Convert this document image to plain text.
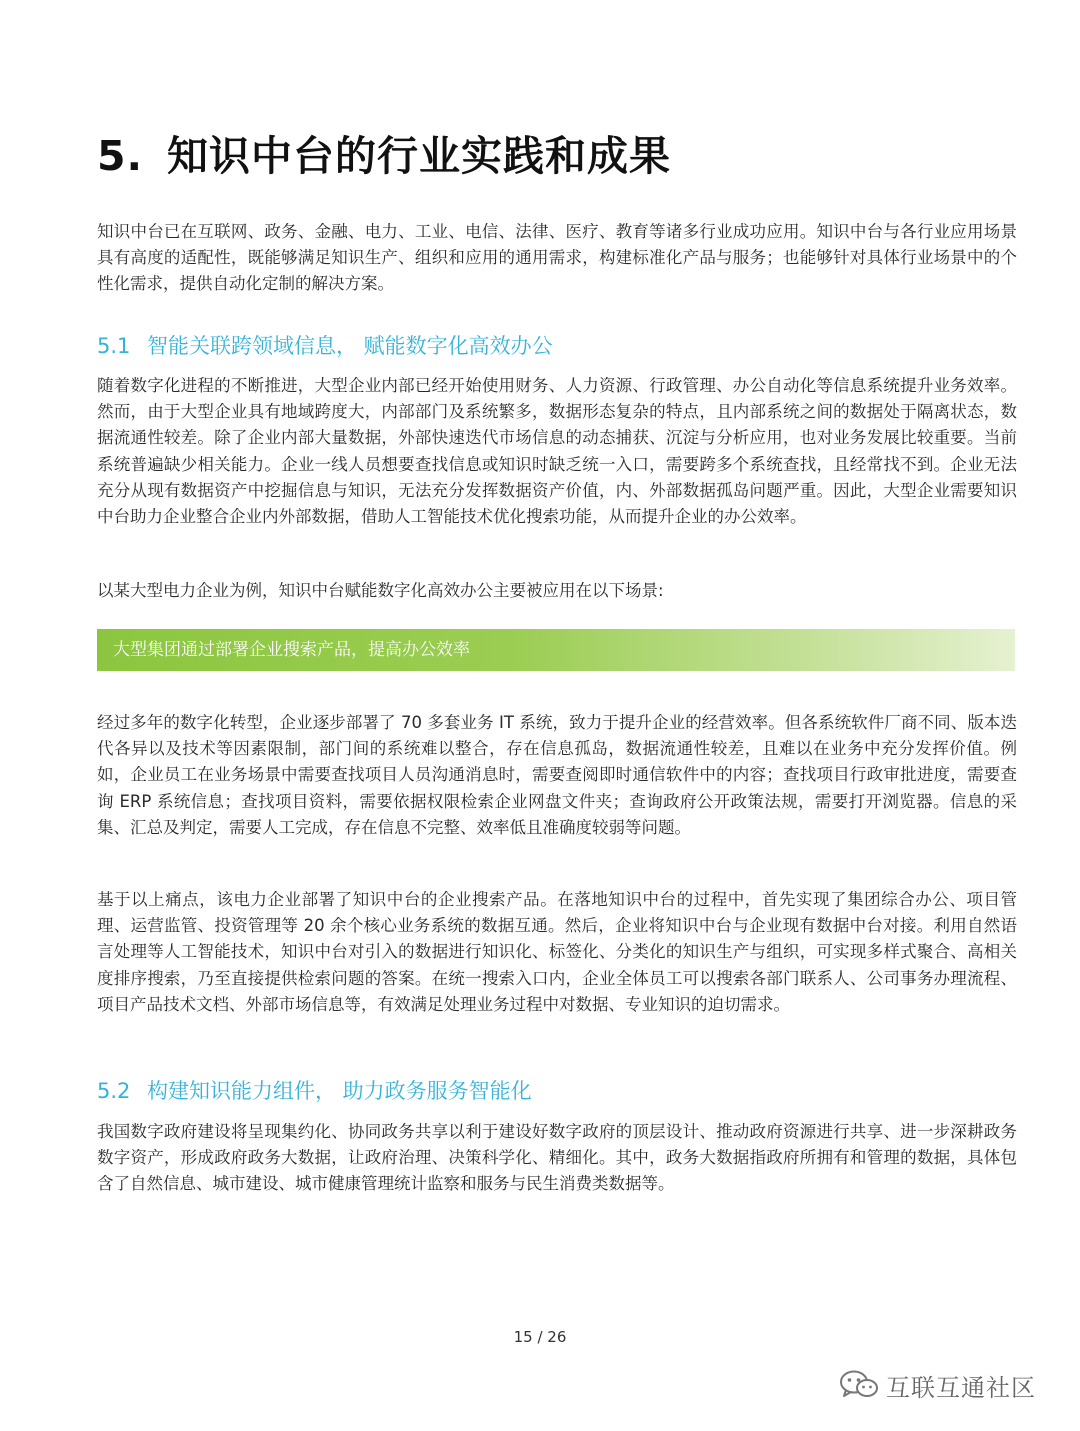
5. 知识中台的行业实践和成果

知识中台已在互联网、政务、金融、电力、工业、电信、法律、医疗、教育等诸多行业成功应用。知识中台与各行业应用场景具有高度的适配性，既能够满足知识生产、组织和应用的通用需求，构建标准化产品与服务；也能够针对具体行业场景中的个性化需求，提供自动化定制的解决方案。

5.1 智能关联跨领域信息， 赋能数字化高效办公

随着数字化进程的不断推进，大型企业内部已经开始使用财务、人力资源、行政管理、办公自动化等信息系统提升业务效率。然而，由于大型企业具有地域跨度大，内部部门及系统繁多，数据形态复杂的特点，且内部系统之间的数据处于隔离状态，数据流通性较差。除了企业内部大量数据，外部快速迭代市场信息的动态捕获、沉淀与分析应用，也对业务发展比较重要。当前系统普遍缺少相关能力。企业一线人员想要查找信息或知识时缺乏统一入口，需要跨多个系统查找，且经常找不到。企业无法充分从现有数据资产中挖掘信息与知识，无法充分发挥数据资产价值，内、外部数据孤岛问题严重。因此，大型企业需要知识中台助力企业整合企业内外部数据，借助人工智能技术优化搜索功能，从而提升企业的办公效率。

以某大型电力企业为例，知识中台赋能数字化高效办公主要被应用在以下场景:

大型集团通过部署企业搜索产品，提高办公效率

经过多年的数字化转型，企业逐步部署了 70 多套业务 IT 系统，致力于提升企业的经营效率。但各系统软件厂商不同、版本迭代各异以及技术等因素限制，部门间的系统难以整合，存在信息孤岛，数据流通性较差，且难以在业务中充分发挥价值。例如，企业员工在业务场景中需要查找项目人员沟通消息时，需要查阅即时通信软件中的内容；查找项目行政审批进度，需要查询 ERP 系统信息；查找项目资料，需要依据权限检索企业网盘文件夹；查询政府公开政策法规，需要打开浏览器。信息的采集、汇总及判定，需要人工完成，存在信息不完整、效率低且准确度较弱等问题。

基于以上痛点，该电力企业部署了知识中台的企业搜索产品。在落地知识中台的过程中，首先实现了集团综合办公、项目管理、运营监管、投资管理等 20 余个核心业务系统的数据互通。然后，企业将知识中台与企业现有数据中台对接。利用自然语言处理等人工智能技术，知识中台对引入的数据进行知识化、标签化、分类化的知识生产与组织，可实现多样式聚合、高相关度排序搜索，乃至直接提供检索问题的答案。在统一搜索入口内，企业全体员工可以搜索各部门联系人、公司事务办理流程、项目产品技术文档、外部市场信息等，有效满足处理业务过程中对数据、专业知识的迫切需求。

5.2 构建知识能力组件， 助力政务服务智能化

我国数字政府建设将呈现集约化、协同政务共享以利于建设好数字政府的顶层设计、推动政府资源进行共享、进一步深耕政务数字资产，形成政府政务大数据，让政府治理、决策科学化、精细化。其中，政务大数据指政府所拥有和管理的数据，具体包含了自然信息、城市建设、城市健康管理统计监察和服务与民生消费类数据等。

15 / 26
互联互通社区
